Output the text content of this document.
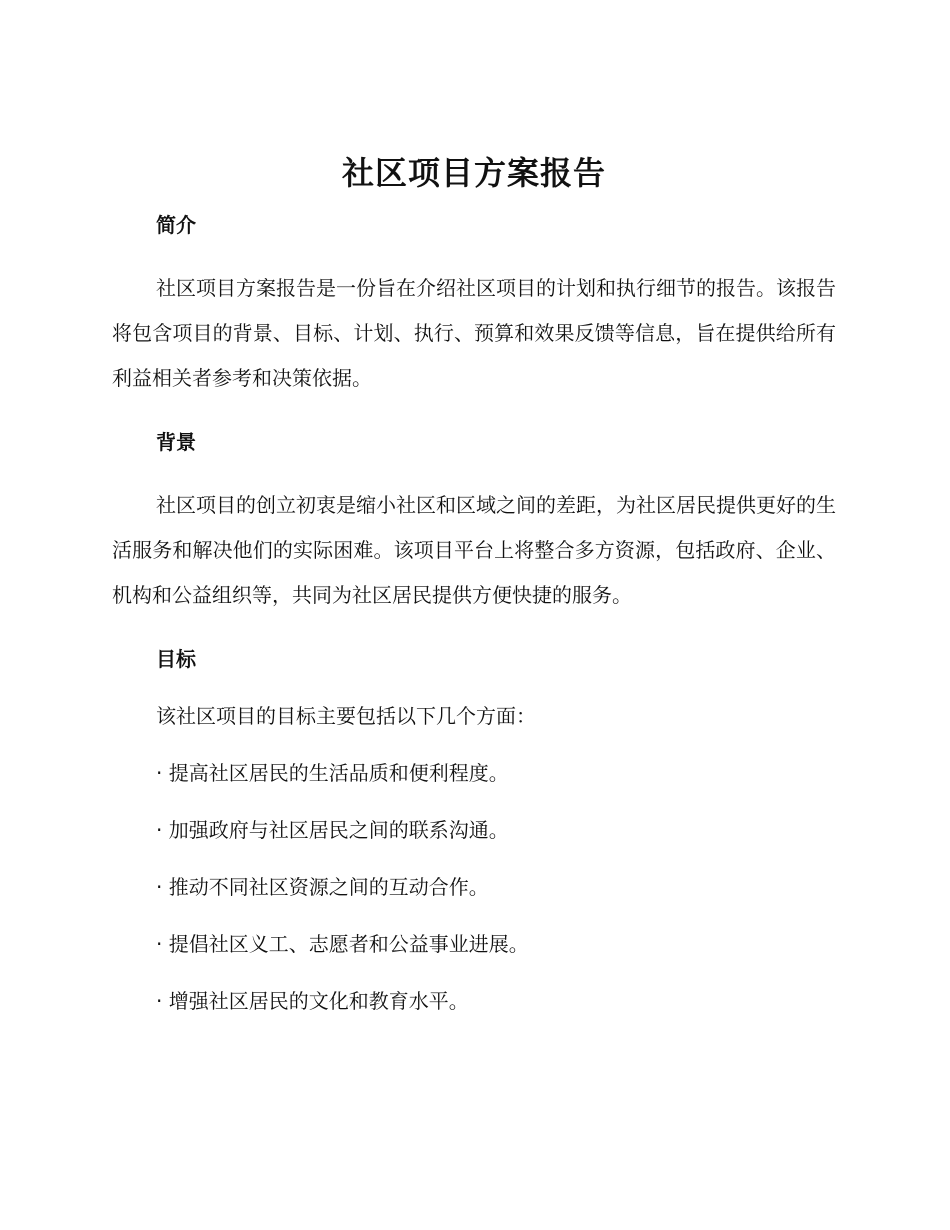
社区项目方案报告
简介

社区项目方案报告是一份旨在介绍社区项目的计划和执行细节的报告。该报告将包含项目的背景、目标、计划、执行、预算和效果反馈等信息，旨在提供给所有利益相关者参考和决策依据。

背景

社区项目的创立初衷是缩小社区和区域之间的差距，为社区居民提供更好的生活服务和解决他们的实际困难。该项目平台上将整合多方资源，包括政府、企业、机构和公益组织等，共同为社区居民提供方便快捷的服务。

目标

该社区项目的目标主要包括以下几个方面：

· 提高社区居民的生活品质和便利程度。

· 加强政府与社区居民之间的联系沟通。

· 推动不同社区资源之间的互动合作。

· 提倡社区义工、志愿者和公益事业进展。

· 增强社区居民的文化和教育水平。
